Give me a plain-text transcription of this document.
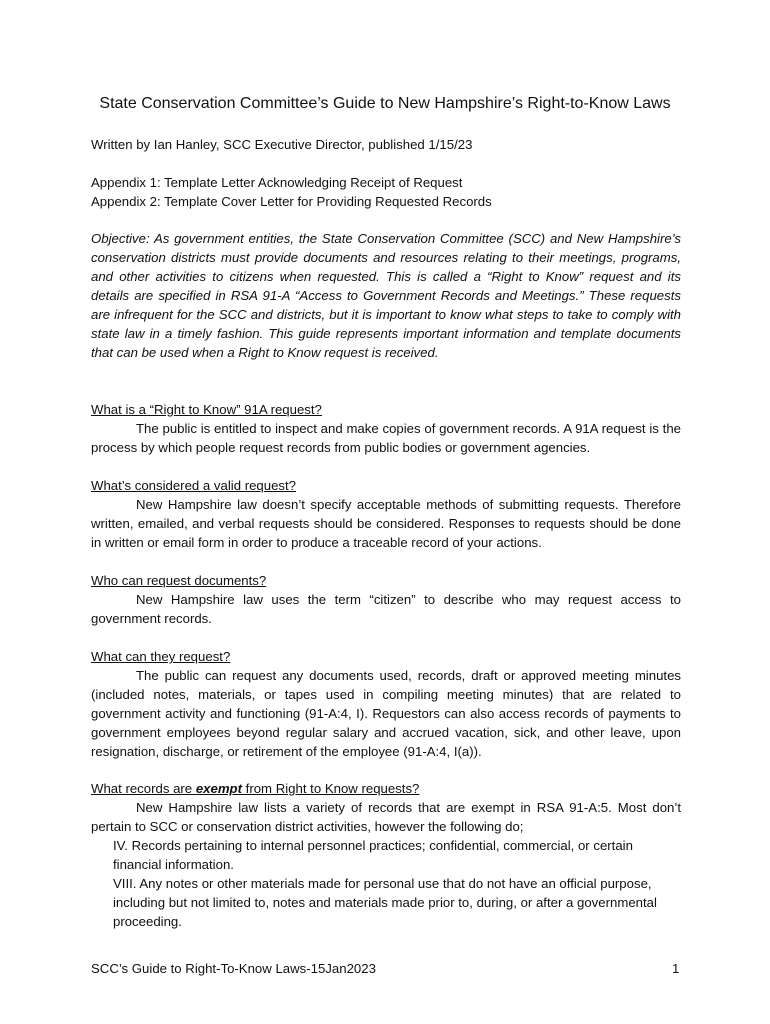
State Conservation Committee’s Guide to New Hampshire’s Right-to-Know Laws
Written by Ian Hanley, SCC Executive Director, published 1/15/23
Appendix 1: Template Letter Acknowledging Receipt of Request
Appendix 2: Template Cover Letter for Providing Requested Records
Objective: As government entities, the State Conservation Committee (SCC) and New Hampshire’s conservation districts must provide documents and resources relating to their meetings, programs, and other activities to citizens when requested. This is called a “Right to Know” request and its details are specified in RSA 91-A “Access to Government Records and Meetings.” These requests are infrequent for the SCC and districts, but it is important to know what steps to take to comply with state law in a timely fashion. This guide represents important information and template documents that can be used when a Right to Know request is received.
What is a “Right to Know” 91A request?
The public is entitled to inspect and make copies of government records. A 91A request is the process by which people request records from public bodies or government agencies.
What’s considered a valid request?
New Hampshire law doesn’t specify acceptable methods of submitting requests. Therefore written, emailed, and verbal requests should be considered. Responses to requests should be done in written or email form in order to produce a traceable record of your actions.
Who can request documents?
New Hampshire law uses the term “citizen” to describe who may request access to government records.
What can they request?
The public can request any documents used, records, draft or approved meeting minutes (included notes, materials, or tapes used in compiling meeting minutes) that are related to government activity and functioning (91-A:4, I). Requestors can also access records of payments to government employees beyond regular salary and accrued vacation, sick, and other leave, upon resignation, discharge, or retirement of the employee (91-A:4, I(a)).
What records are exempt from Right to Know requests?
New Hampshire law lists a variety of records that are exempt in RSA 91-A:5. Most don’t pertain to SCC or conservation district activities, however the following do;
IV. Records pertaining to internal personnel practices; confidential, commercial, or certain financial information.
VIII. Any notes or other materials made for personal use that do not have an official purpose, including but not limited to, notes and materials made prior to, during, or after a governmental proceeding.
SCC’s Guide to Right-To-Know Laws-15Jan2023	1
